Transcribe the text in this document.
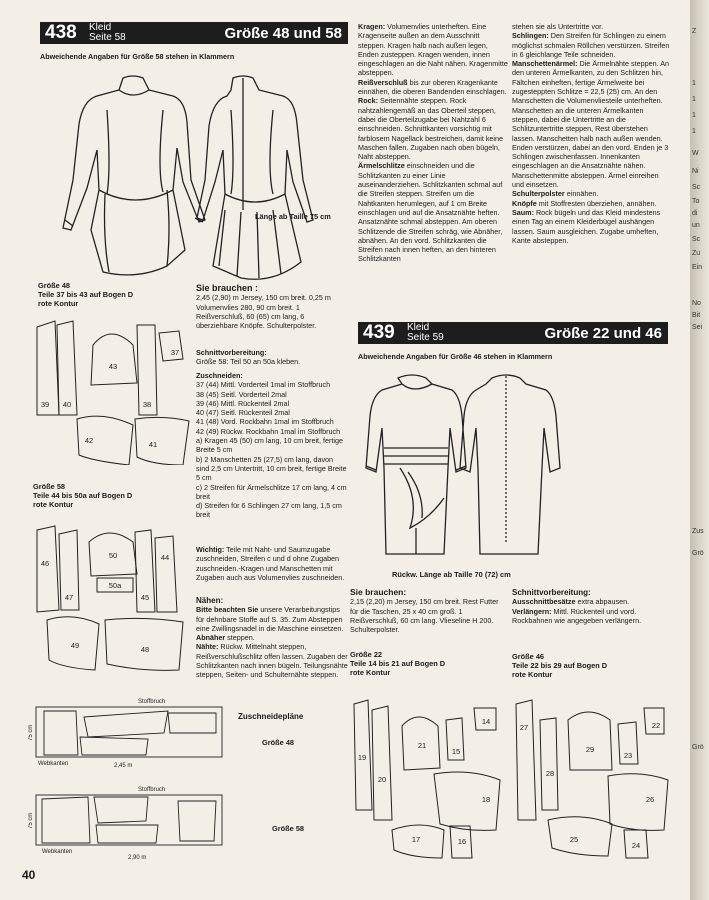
438	Kleid
Seite 58	Größe 48 und 58
Abweichende Angaben für Größe 58 stehen in Klammern
Länge ab Taille 75 cm
Größe 48
Teile 37 bis 43 auf Bogen D
rote Kontur
37
43
39 40	38
42	41
Größe 58
Teile 44 bis 50a auf Bogen D
rote Kontur
50	44
46
47	45
50a
49	48
Sie brauchen :
2,45 (2,90) m Jersey, 150 cm breit. 0,25 m Volumenvlies 280, 90 cm breit. 1 Reißverschluß, 60 (65) cm lang, 6 überziehbare Knöpfe. Schulterpolster.
Schnittvorbereitung:
Größe 58: Teil 50 an 50a kleben.
Zuschneiden:
37 (44) Mittl. Vorderteil 1mal im Stoffbruch
38 (45) Seitl. Vorderteil 2mal
39 (46) Mittl. Rückenteil 2mal
40 (47) Seitl. Rückenteil 2mal
41 (48) Vord. Rockbahn 1mal im Stoffbruch
42 (49) Rückw. Rockbahn 1mal im Stoffbruch
a) Kragen 45 (50) cm lang, 10 cm breit, fertige Breite 5 cm
b) 2 Manschetten 25 (27,5) cm lang, davon sind 2,5 cm Untertritt, 10 cm breit, fertige Breite 5 cm
c) 2 Streifen für Ärmelschlitze 17 cm lang, 4 cm breit
d) Streifen für 6 Schlingen 27 cm lang, 1,5 cm breit
Wichtig: Teile mit Naht- und Saumzugabe zuschneiden, Streifen c und d ohne Zugaben zuschneiden.-Kragen und Manschetten mit Zugaben auch aus Volumenvlies zuschneiden.
Nähen:
Bitte beachten Sie unsere Verarbeitungstips für dehnbare Stoffe auf S. 35. Zum Absteppen eine Zwillingsnadel in die Maschine einsetzen.
Abnäher steppen.
Nähte: Rückw. Mittelnaht steppen, Reißverschlußschlitz offen lassen. Zugaben der Schlitzkanten nach innen bügeln. Teilungsnähte steppen, Seiten- und Schulternähte steppen.
Zuschneidepläne
Größe 48
Größe 58
Stoffbruch
Webkanten	2,45 m
Stoffbruch
Webkanten
2,90 m
75 cm
75 cm
Kragen: Volumenvlies unterheften. Eine Kragenseite außen an dem Ausschnitt steppen. Kragen halb nach außen legen, Enden zusteppen. Kragen wenden, innen eingeschlagen an die Naht nähen. Kragenmitte absteppen.
Reißverschluß bis zur oberen Kragenkante einnähen, die oberen Bandenden einschlagen.
Rock: Seitennähte steppen. Rock nahtzahlengemäß an das Oberteil steppen, dabei die Oberteilzugabe bei Nahtzahl 6 einschneiden. Schnittkanten vorsichtig mit farblosem Nagellack bestreichen, damit keine Maschen fallen. Zugaben nach oben bügeln, Naht absteppen.
Ärmelschlitze einschneiden und die Schlitzkanten zu einer Linie auseinanderziehen. Schlitzkanten schmal auf die Streifen steppen. Streifen um die Nahtkanten herumlegen, auf 1 cm Breite einschlagen und auf die Ansatznähte heften. Ansatznähte schmal absteppen. Am oberen Schlitzende die Streifen schräg, wie Abnäher, abnähen. An den vord. Schlitzkanten die Streifen nach innen heften, an den hinteren Schlitzkanten
stehen sie als Untertritte vor.
Schlingen: Den Streifen für Schlingen zu einem möglichst schmalen Röllchen verstürzen. Streifen in 6 gleichlange Teile schneiden.
Manschettenärmel: Die Ärmelnähte steppen. An den unteren Ärmelkanten, zu den Schlitzen hin, Fältchen einheften, fertige Ärmelweite bei zugesteppten Schlitze = 22,5 (25) cm. An den Manschetten die Volumenvliesteile unterheften. Manschetten an die unteren Ärmelkanten steppen, dabei die Untertritte an die Schlitzuntertritte steppen, Rest überstehen lassen. Manschetten halb nach außen wenden. Enden verstürzen, dabei an den vord. Enden je 3 Schlingen zwischenfassen. Innenkanten eingeschlagen an die Ansatznähte nähen. Manschettenmitte absteppen. Ärmel einreihen und einsetzen.
Schulterpolster einnähen.
Knöpfe mit Stoffresten überziehen, annähen.
Saum: Rock bügeln und das Kleid mindestens einen Tag an einem Kleiderbügel aushängen lassen. Saum ausgleichen. Zugabe umheften, Kante absteppen.
439	Kleid
Seite 59	Größe 22 und 46
Abweichende Angaben für Größe 46 stehen in Klammern
Rückw. Länge ab Taille 70 (72) cm
Sie brauchen:
2,15 (2,20) m Jersey, 150 cm breit. Rest Futter für die Taschen, 25 x 40 cm groß. 1 Reißverschluß, 60 cm lang. Vlieseline H 200. Schulterpolster.
Schnittvorbereitung:
Ausschnittbesätze extra abpausen.
Verlängern: Mittl. Rückenteil und vord. Rockbahnen wie angegeben verlängern.
Größe 22
Teile 14 bis 21 auf Bogen D
rote Kontur
Größe 46
Teile 22 bis 29 auf Bogen D
rote Kontur
14
21
15
19
20
18
17	16
27	22
29
23
28
26
25
24
40
Z
1
1
1
1
W
Ni
Sc
To
di
un
Sc
Zu
Ein
No
Bit
Sei
Zus
Grö
Grö
